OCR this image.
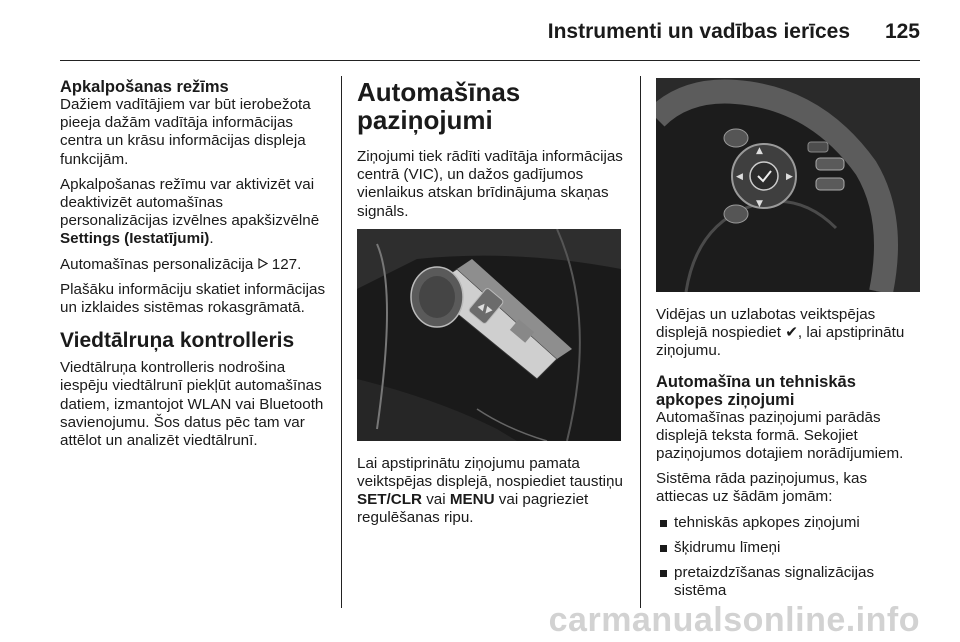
Instrumenti un vadības ierīces 125
Apkalpošanas režīms

Dažiem vadītājiem var būt ierobežota pieeja dažām vadītāja informācijas centra un krāsu informācijas displeja funkcijām.

Apkalpošanas režīmu var aktivizēt vai deaktivizēt automašīnas personalizācijas izvēlnes apakšizvēlnē Settings (Iestatījumi).

Automašīnas personalizācija  127.

Plašāku informāciju skatiet informācijas un izklaides sistēmas rokasgrāmatā.

Viedtālruņa kontrolleris

Viedtālruņa kontrolleris nodrošina iespēju viedtālrunī piekļūt automašīnas datiem, izmantojot WLAN vai Bluetooth savienojumu. Šos datus pēc tam var attēlot un analizēt viedtālrunī.

Automašīnas
paziņojumi

Ziņojumi tiek rādīti vadītāja informācijas centrā (VIC), un dažos gadījumos vienlaikus atskan brīdinājuma skaņas signāls.

▲▼

Lai apstiprinātu ziņojumu pamata veiktspējas displejā, nospiediet taustiņu SET/CLR vai MENU vai pagrieziet regulēšanas ripu.

▲
▼
◀	▶

Vidējas un uzlabotas veiktspējas displejā nospiediet ✔, lai apstiprinātu ziņojumu.

Automašīna un tehniskās
apkopes ziņojumi

Automašīnas paziņojumi parādās displejā teksta formā. Sekojiet paziņojumos dotajiem norādījumiem.

Sistēma rāda paziņojumus, kas attiecas uz šādām jomām:

tehniskās apkopes ziņojumi
šķidrumu līmeņi
pretaizdzīšanas signalizācijas sistēma
carmanualsonline.info
